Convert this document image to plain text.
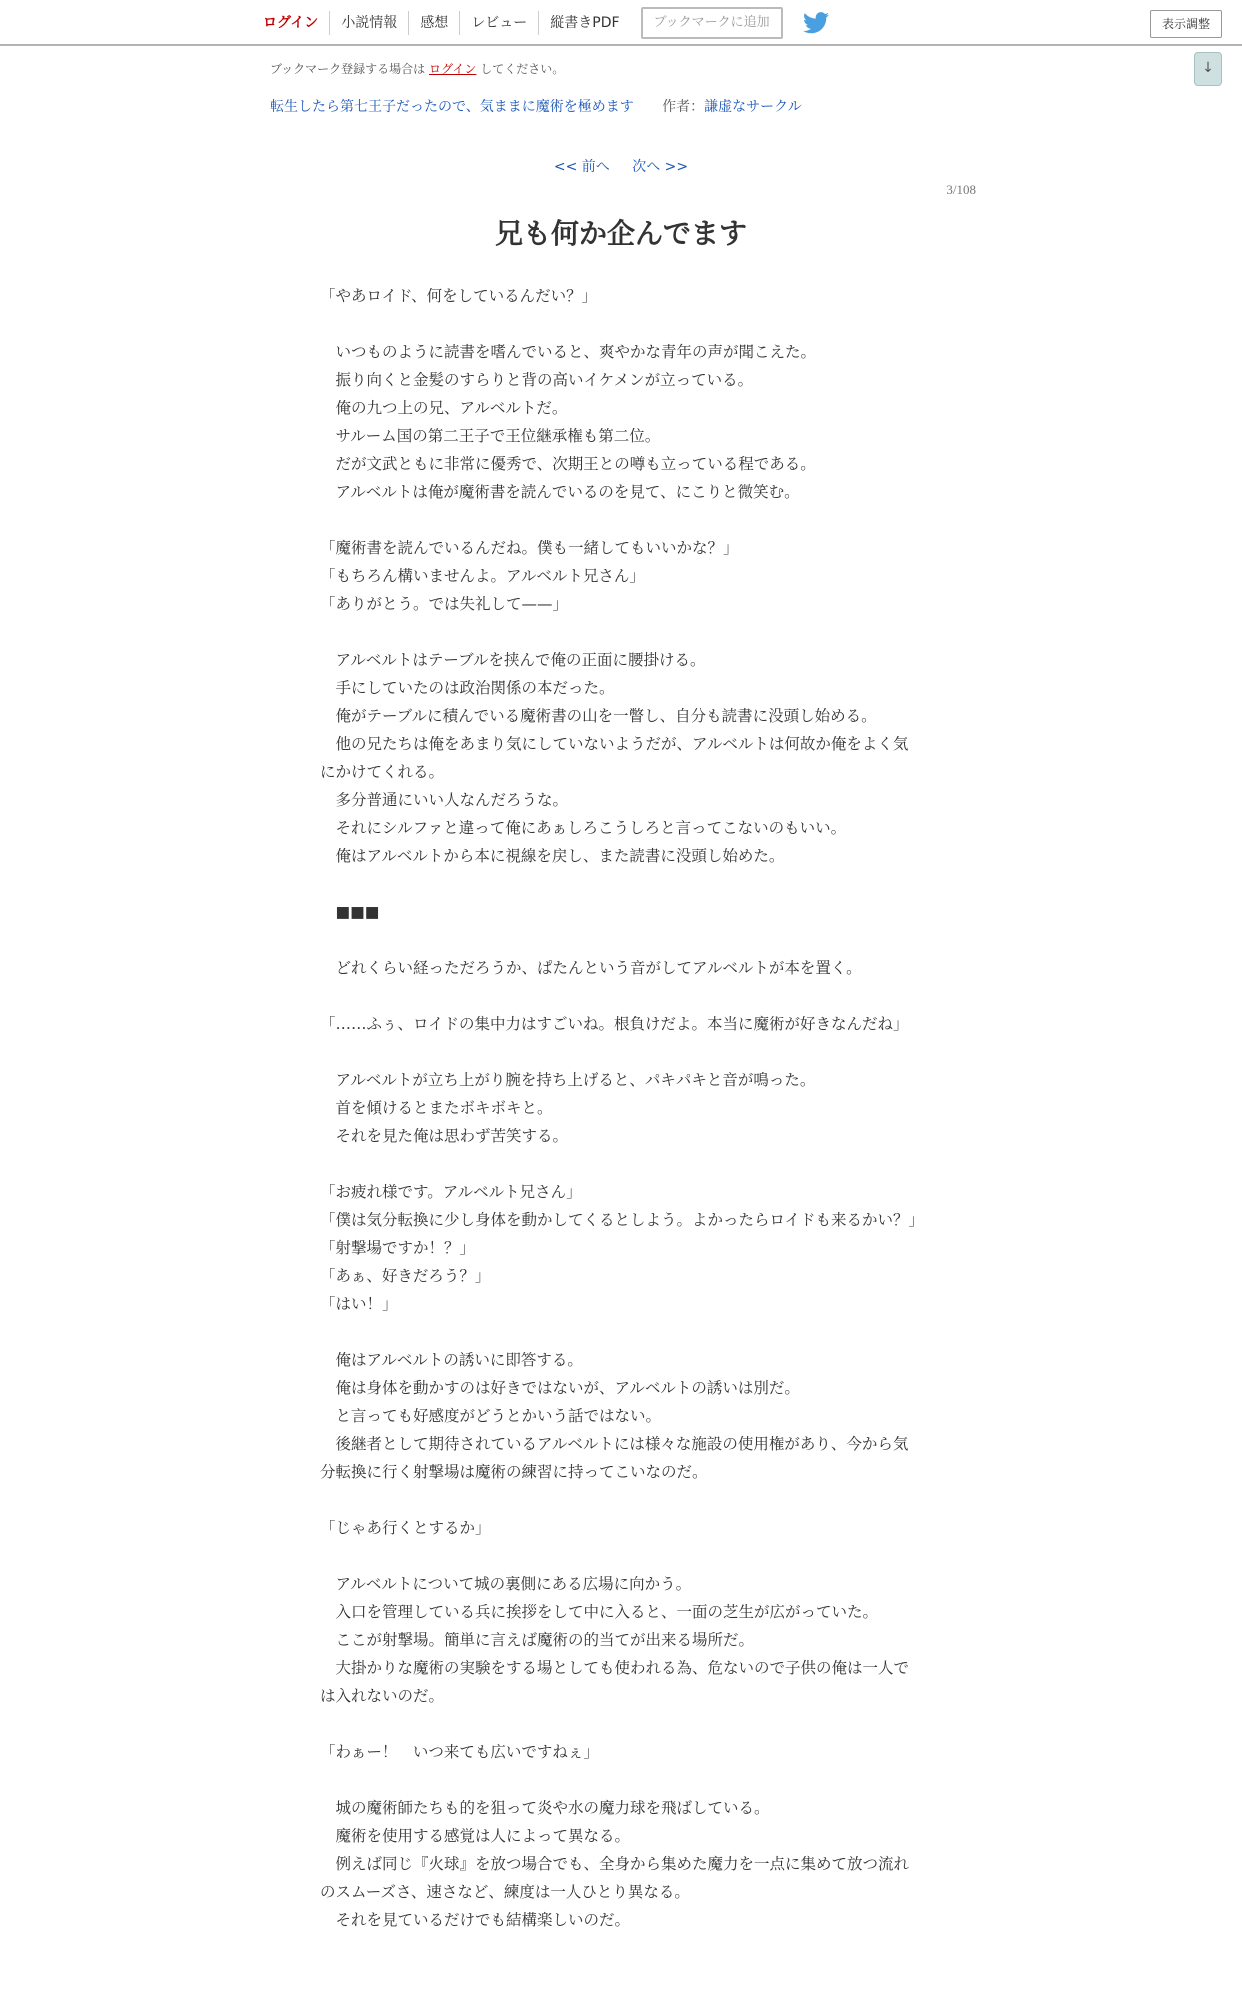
ログイン	小説情報	感想	レビュー	縦書きPDF	ブックマークに追加	表示調整
↓
ブックマーク登録する場合は ログイン してください。
転生したら第七王子だったので、気ままに魔術を極めます 作者：謙虚なサークル
<< 前へ 次へ >>
3/108
兄も何か企んでます

「やあロイド、何をしているんだい？」

　いつものように読書を嗜んでいると、爽やかな青年の声が聞こえた。

　振り向くと金髪のすらりと背の高いイケメンが立っている。

　俺の九つ上の兄、アルベルトだ。

　サルーム国の第二王子で王位継承権も第二位。

　だが文武ともに非常に優秀で、次期王との噂も立っている程である。

　アルベルトは俺が魔術書を読んでいるのを見て、にこりと微笑む。

「魔術書を読んでいるんだね。僕も一緒してもいいかな？」

「もちろん構いませんよ。アルベルト兄さん」

「ありがとう。では失礼して——」

　アルベルトはテーブルを挟んで俺の正面に腰掛ける。

　手にしていたのは政治関係の本だった。

　俺がテーブルに積んでいる魔術書の山を一瞥し、自分も読書に没頭し始める。

　他の兄たちは俺をあまり気にしていないようだが、アルベルトは何故か俺をよく気にかけてくれる。

　多分普通にいい人なんだろうな。

　それにシルファと違って俺にあぁしろこうしろと言ってこないのもいい。

　俺はアルベルトから本に視線を戻し、また読書に没頭し始めた。

　■■■

　どれくらい経っただろうか、ぱたんという音がしてアルベルトが本を置く。

「……ふぅ、ロイドの集中力はすごいね。根負けだよ。本当に魔術が好きなんだね」

　アルベルトが立ち上がり腕を持ち上げると、パキパキと音が鳴った。

　首を傾けるとまたボキボキと。

　それを見た俺は思わず苦笑する。

「お疲れ様です。アルベルト兄さん」

「僕は気分転換に少し身体を動かしてくるとしよう。よかったらロイドも来るかい？」

「射撃場ですか！？」

「あぁ、好きだろう？」

「はい！」

　俺はアルベルトの誘いに即答する。

　俺は身体を動かすのは好きではないが、アルベルトの誘いは別だ。

　と言っても好感度がどうとかいう話ではない。

　後継者として期待されているアルベルトには様々な施設の使用権があり、今から気分転換に行く射撃場は魔術の練習に持ってこいなのだ。

「じゃあ行くとするか」

　アルベルトについて城の裏側にある広場に向かう。

　入口を管理している兵に挨拶をして中に入ると、一面の芝生が広がっていた。

　ここが射撃場。簡単に言えば魔術の的当てが出来る場所だ。

　大掛かりな魔術の実験をする場としても使われる為、危ないので子供の俺は一人では入れないのだ。

「わぁー！　いつ来ても広いですねぇ」

　城の魔術師たちも的を狙って炎や水の魔力球を飛ばしている。

　魔術を使用する感覚は人によって異なる。

　例えば同じ『火球』を放つ場合でも、全身から集めた魔力を一点に集めて放つ流れのスムーズさ、速さなど、練度は一人ひとり異なる。

　それを見ているだけでも結構楽しいのだ。
